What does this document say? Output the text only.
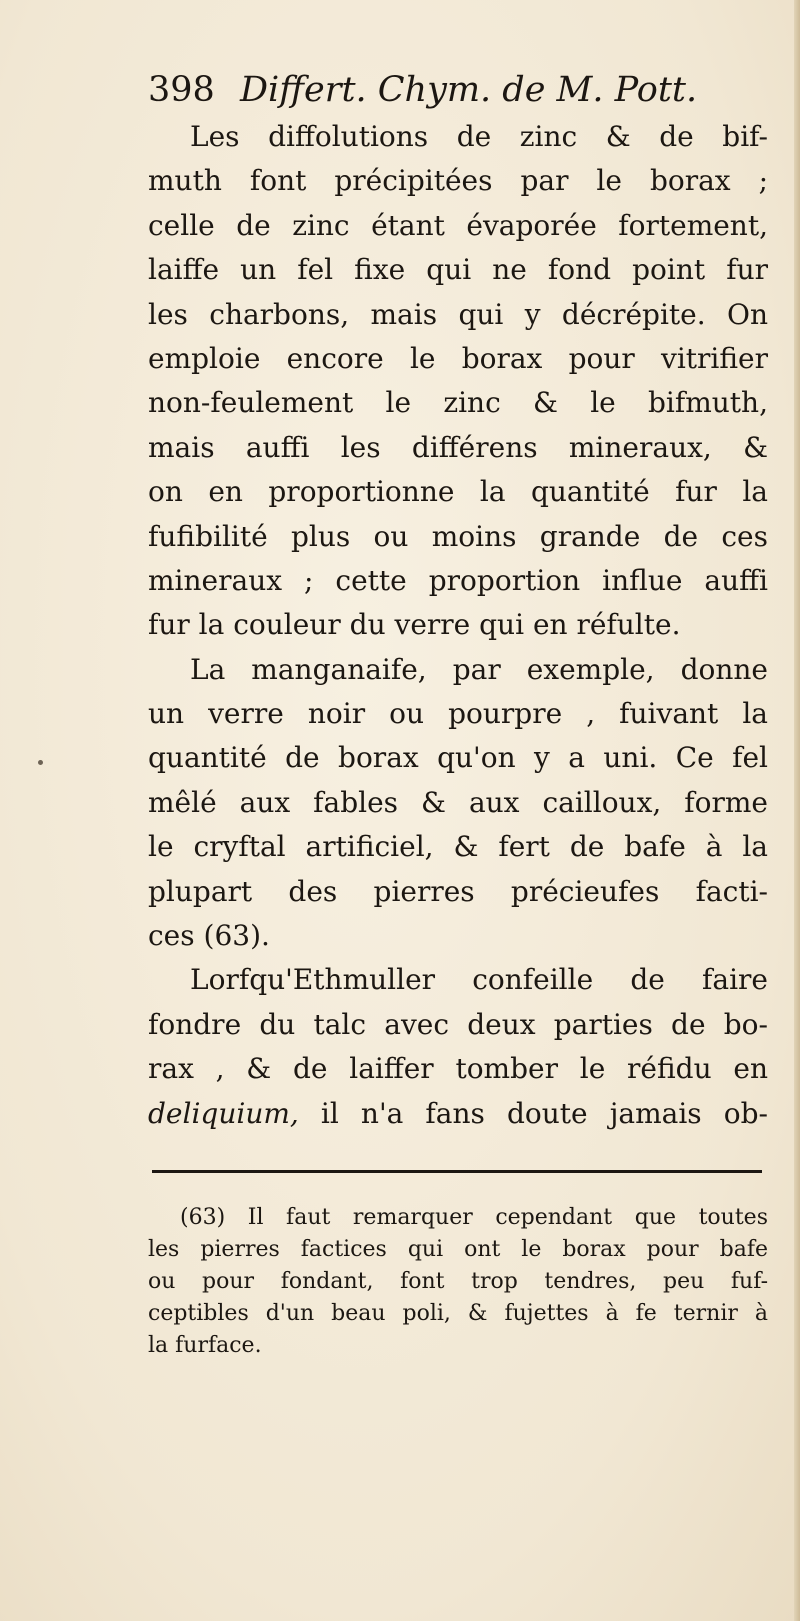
398 Differt. Chym. de M. Pott.
Les diffolutions de zinc & de bif-
muth font précipitées par le borax ;
celle de zinc étant évaporée fortement,
laiffe un fel fixe qui ne fond point fur
les charbons, mais qui y décrépite. On
emploie encore le borax pour vitrifier
non-feulement le zinc & le bifmuth,
mais auffi les différens mineraux, &
on en proportionne la quantité fur la
fufibilité plus ou moins grande de ces
mineraux ; cette proportion influe auffi
fur la couleur du verre qui en réfulte.
La manganaife, par exemple, donne
un verre noir ou pourpre , fuivant la
quantité de borax qu'on y a uni. Ce fel
mêlé aux fables & aux cailloux, forme
le cryftal artificiel, & fert de bafe à la
plupart des pierres précieufes facti-
ces (63).
Lorfqu'Ethmuller confeille de faire
fondre du talc avec deux parties de bo-
rax , & de laiffer tomber le réfidu en
deliquium, il n'a fans doute jamais ob-
(63) Il faut remarquer cependant que toutes
les pierres factices qui ont le borax pour bafe
ou pour fondant, font trop tendres, peu fuf-
ceptibles d'un beau poli, & fujettes à fe ternir à
la furface.
